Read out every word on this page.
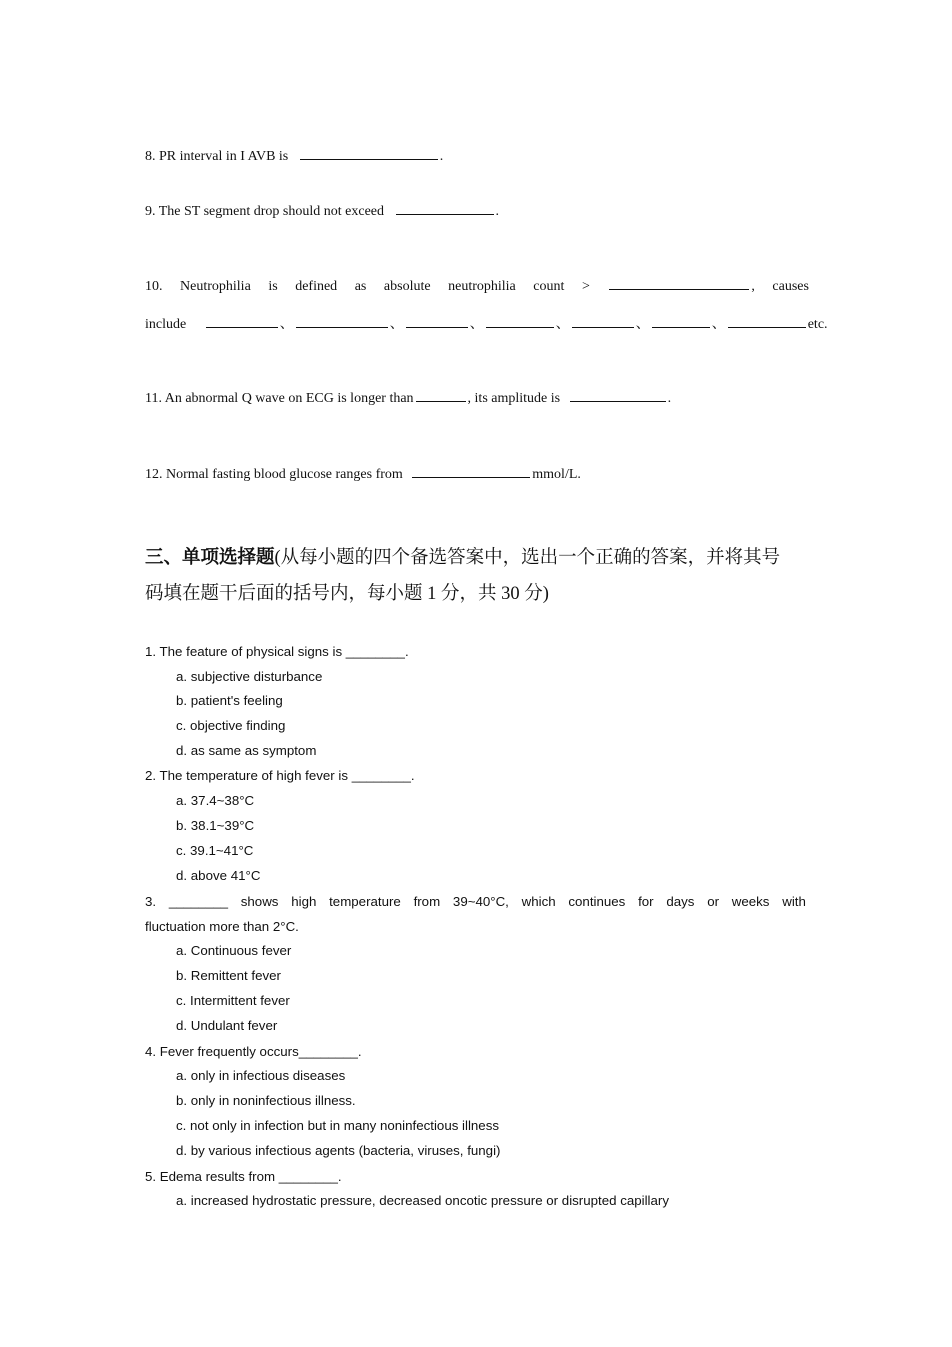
8. PR interval in I AVB is	.
9. The ST segment drop should not exceed	.
10. Neutrophilia is defined as absolute neutrophilia count >	, causes
include	、	、	、	、	、	、	etc.
11. An abnormal Q wave on ECG is longer than	, its amplitude is	.
12. Normal fasting blood glucose ranges from	mmol/L.
三、单项选择题(从每小题的四个备选答案中，选出一个正确的答案，并将其号
码填在题干后面的括号内，每小题 1 分，共 30 分)
1. The feature of physical signs is ________.
a. subjective disturbance
b. patient's feeling
c. objective finding
d. as same as symptom
2. The temperature of high fever is ________.
a. 37.4~38°C
b. 38.1~39°C
c. 39.1~41°C
d. above 41°C
3. ________ shows high temperature from 39~40°C, which continues for days or weeks with
fluctuation more than 2°C.
a. Continuous fever
b. Remittent fever
c. Intermittent fever
d. Undulant fever
4. Fever frequently occurs________.
a. only in infectious diseases
b. only in noninfectious illness.
c. not only in infection but in many noninfectious illness
d. by various infectious agents (bacteria, viruses, fungi)
5. Edema results from ________.
a. increased hydrostatic pressure, decreased oncotic pressure or disrupted capillary
